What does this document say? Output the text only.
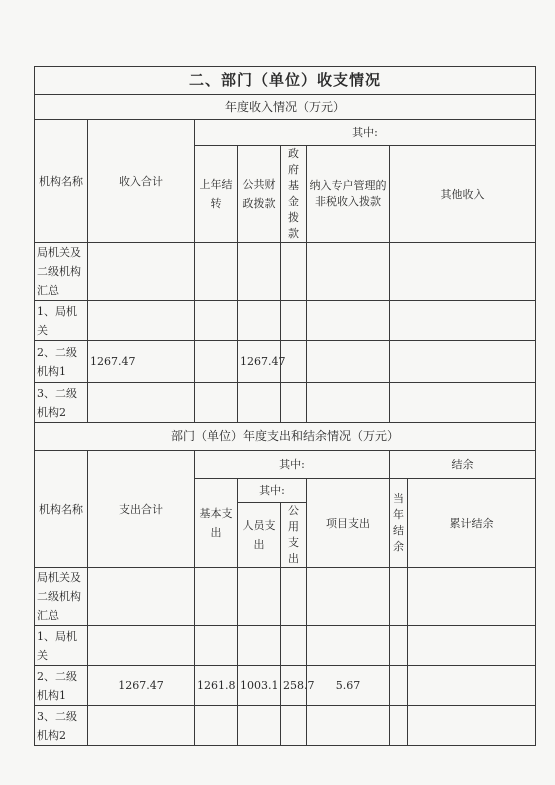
二、部门（单位）收支情况							
年度收入情况（万元）							
机构名称	收入合计	其中:					
		上年结转	公共财政拨款	政府基金拨款	纳入专户管理的非税收入拨款	其他收入	
局机关及二级机构汇总							
1、局机关							
2、二级机构1	1267.47		1267.47				
3、二级机构2							
部门（单位）年度支出和结余情况（万元）							
机构名称	支出合计	其中:				结余	
		基本支出	其中:		项目支出	当年结余	累计结余
			人员支出	公用支出			
局机关及二级机构汇总							
1、局机关							
2、二级机构1	1267.47	1261.8	1003.1	258.7	5.67		
3、二级机构2							
